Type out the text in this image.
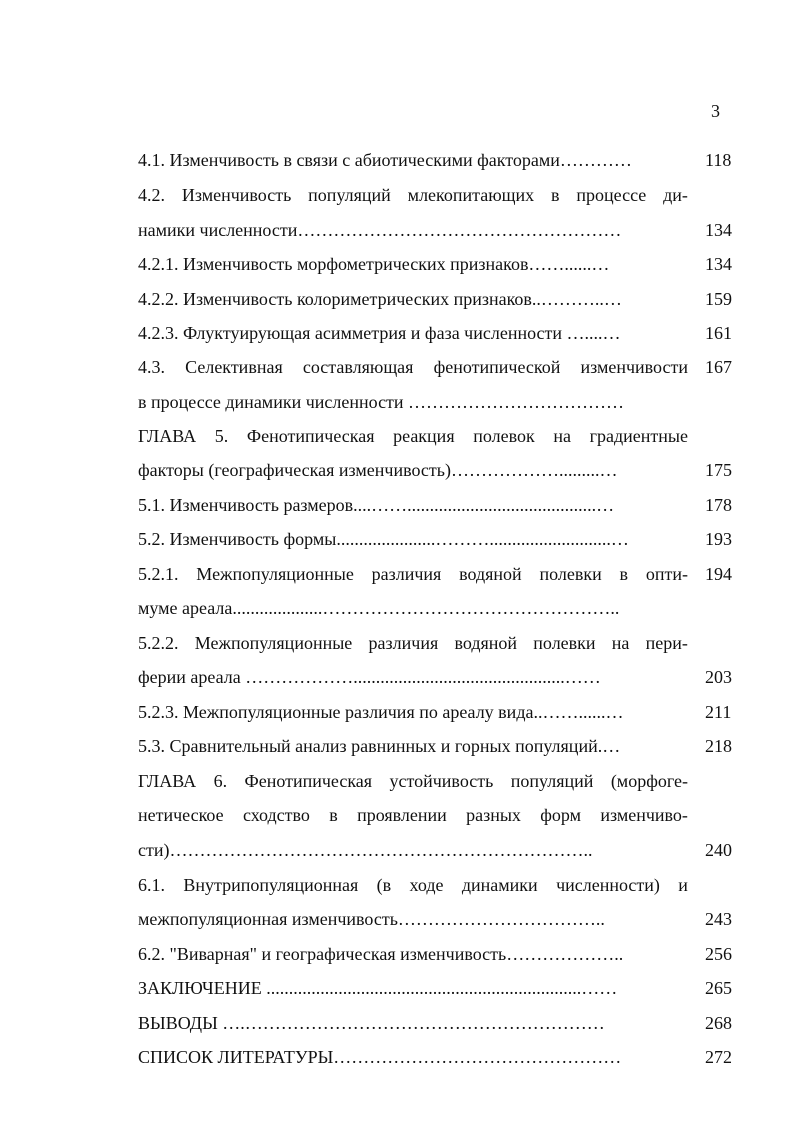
3
4.1. Изменчивость в связи с абиотическими факторами…………	118
4.2. Изменчивость популяций млекопитающих в процессе ди-
намики численности………………………………………………	134
4.2.1. Изменчивость морфометрических признаков……......…	134
4.2.2. Изменчивость колориметрических признаков..………..…	159
4.2.3. Флуктуирующая асимметрия и фаза численности …....…	161
4.3. Селективная составляющая фенотипической изменчивости 167
в процессе динамики численности ………………………………
ГЛАВА 5. Фенотипическая реакция полевок на градиентные
факторы (географическая изменчивость)……………….........…	175
5.1. Изменчивость размеров....……..........................................…	178
5.2. Изменчивость формы......................………...........................…	193
5.2.1. Межпопуляционные различия водяной полевки в опти- 194
муме ареала....................…………………………………………..
5.2.2. Межпопуляционные различия водяной полевки на пери-
ферии ареала ………………...............................................……	203
5.2.3. Межпопуляционные различия по ареалу вида..……......…	211
5.3. Сравнительный анализ равнинных и горных популяций.…	218
ГЛАВА 6. Фенотипическая устойчивость популяций (морфоге-
нетическое сходство в проявлении разных форм изменчиво-
сти)……………………………………………………………..	240
6.1. Внутрипопуляционная (в ходе динамики численности) и
межпопуляционная изменчивость……………………………..	243
6.2. "Виварная" и географическая изменчивость………………..	256
ЗАКЛЮЧЕНИЕ ......................................................................……	265
ВЫВОДЫ ….……………………………………………………	268
СПИСОК ЛИТЕРАТУРЫ…………………………………………	272
